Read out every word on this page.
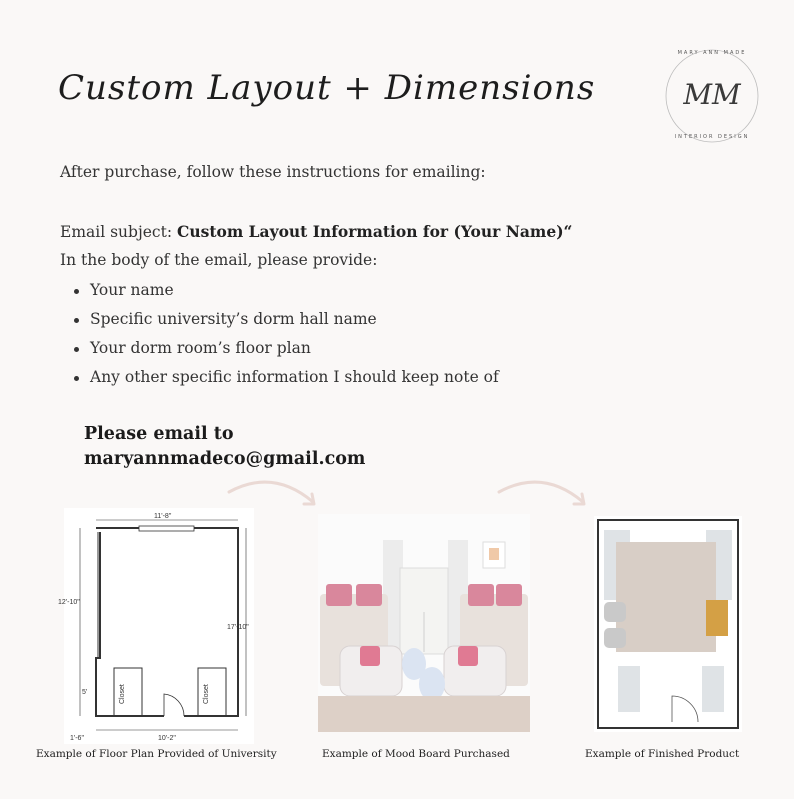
Custom Layout + Dimensions
MARY ANN MADE
MM
INTERIOR DESIGN
After purchase, follow these instructions for emailing:
Email subject: Custom Layout Information for (Your Name)“
In the body of the email, please provide:
Your name
Specific university’s dorm hall name
Your dorm room’s floor plan
Any other specific information I should keep note of
Please email to
maryannmadeco@gmail.com
11'-8"
12'-10"
17'-10"
5'
10'-2"
1'-6"
Closet	Closet
Example of Floor Plan Provided of University	Example of Mood Board Purchased	Example of Finished Product
